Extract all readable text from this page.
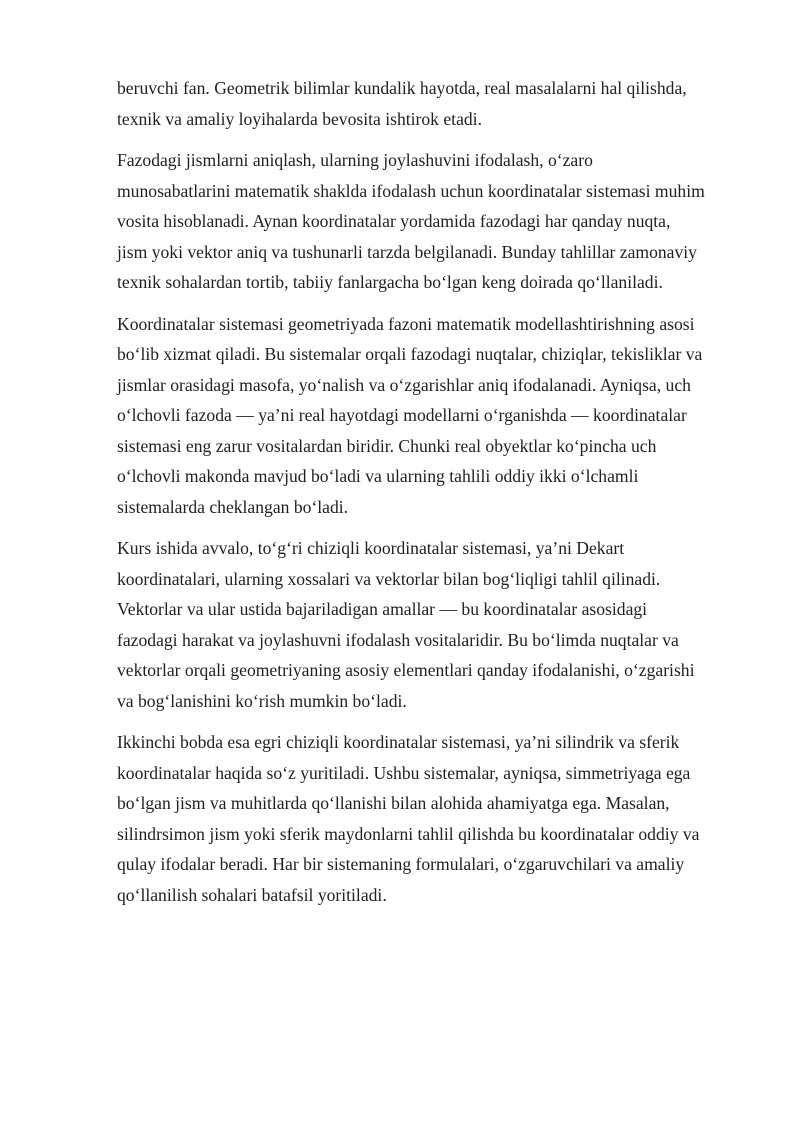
beruvchi fan. Geometrik bilimlar kundalik hayotda, real masalalarni hal qilishda,
texnik va amaliy loyihalarda bevosita ishtirok etadi.

Fazodagi jismlarni aniqlash, ularning joylashuvini ifodalash, o‘zaro
munosabatlarini matematik shaklda ifodalash uchun koordinatalar sistemasi muhim
vosita hisoblanadi. Aynan koordinatalar yordamida fazodagi har qanday nuqta,
jism yoki vektor aniq va tushunarli tarzda belgilanadi. Bunday tahlillar zamonaviy
texnik sohalardan tortib, tabiiy fanlargacha bo‘lgan keng doirada qo‘llaniladi.

Koordinatalar sistemasi geometriyada fazoni matematik modellashtirishning asosi
bo‘lib xizmat qiladi. Bu sistemalar orqali fazodagi nuqtalar, chiziqlar, tekisliklar va
jismlar orasidagi masofa, yo‘nalish va o‘zgarishlar aniq ifodalanadi. Ayniqsa, uch
o‘lchovli fazoda — ya’ni real hayotdagi modellarni o‘rganishda — koordinatalar
sistemasi eng zarur vositalardan biridir. Chunki real obyektlar ko‘pincha uch
o‘lchovli makonda mavjud bo‘ladi va ularning tahlili oddiy ikki o‘lchamli
sistemalarda cheklangan bo‘ladi.

Kurs ishida avvalo, to‘g‘ri chiziqli koordinatalar sistemasi, ya’ni Dekart
koordinatalari, ularning xossalari va vektorlar bilan bog‘liqligi tahlil qilinadi.
Vektorlar va ular ustida bajariladigan amallar — bu koordinatalar asosidagi
fazodagi harakat va joylashuvni ifodalash vositalaridir. Bu bo‘limda nuqtalar va
vektorlar orqali geometriyaning asosiy elementlari qanday ifodalanishi, o‘zgarishi
va bog‘lanishini ko‘rish mumkin bo‘ladi.

Ikkinchi bobda esa egri chiziqli koordinatalar sistemasi, ya’ni silindrik va sferik
koordinatalar haqida so‘z yuritiladi. Ushbu sistemalar, ayniqsa, simmetriyaga ega
bo‘lgan jism va muhitlarda qo‘llanishi bilan alohida ahamiyatga ega. Masalan,
silindrsimon jism yoki sferik maydonlarni tahlil qilishda bu koordinatalar oddiy va
qulay ifodalar beradi. Har bir sistemaning formulalari, o‘zgaruvchilari va amaliy
qo‘llanilish sohalari batafsil yoritiladi.
